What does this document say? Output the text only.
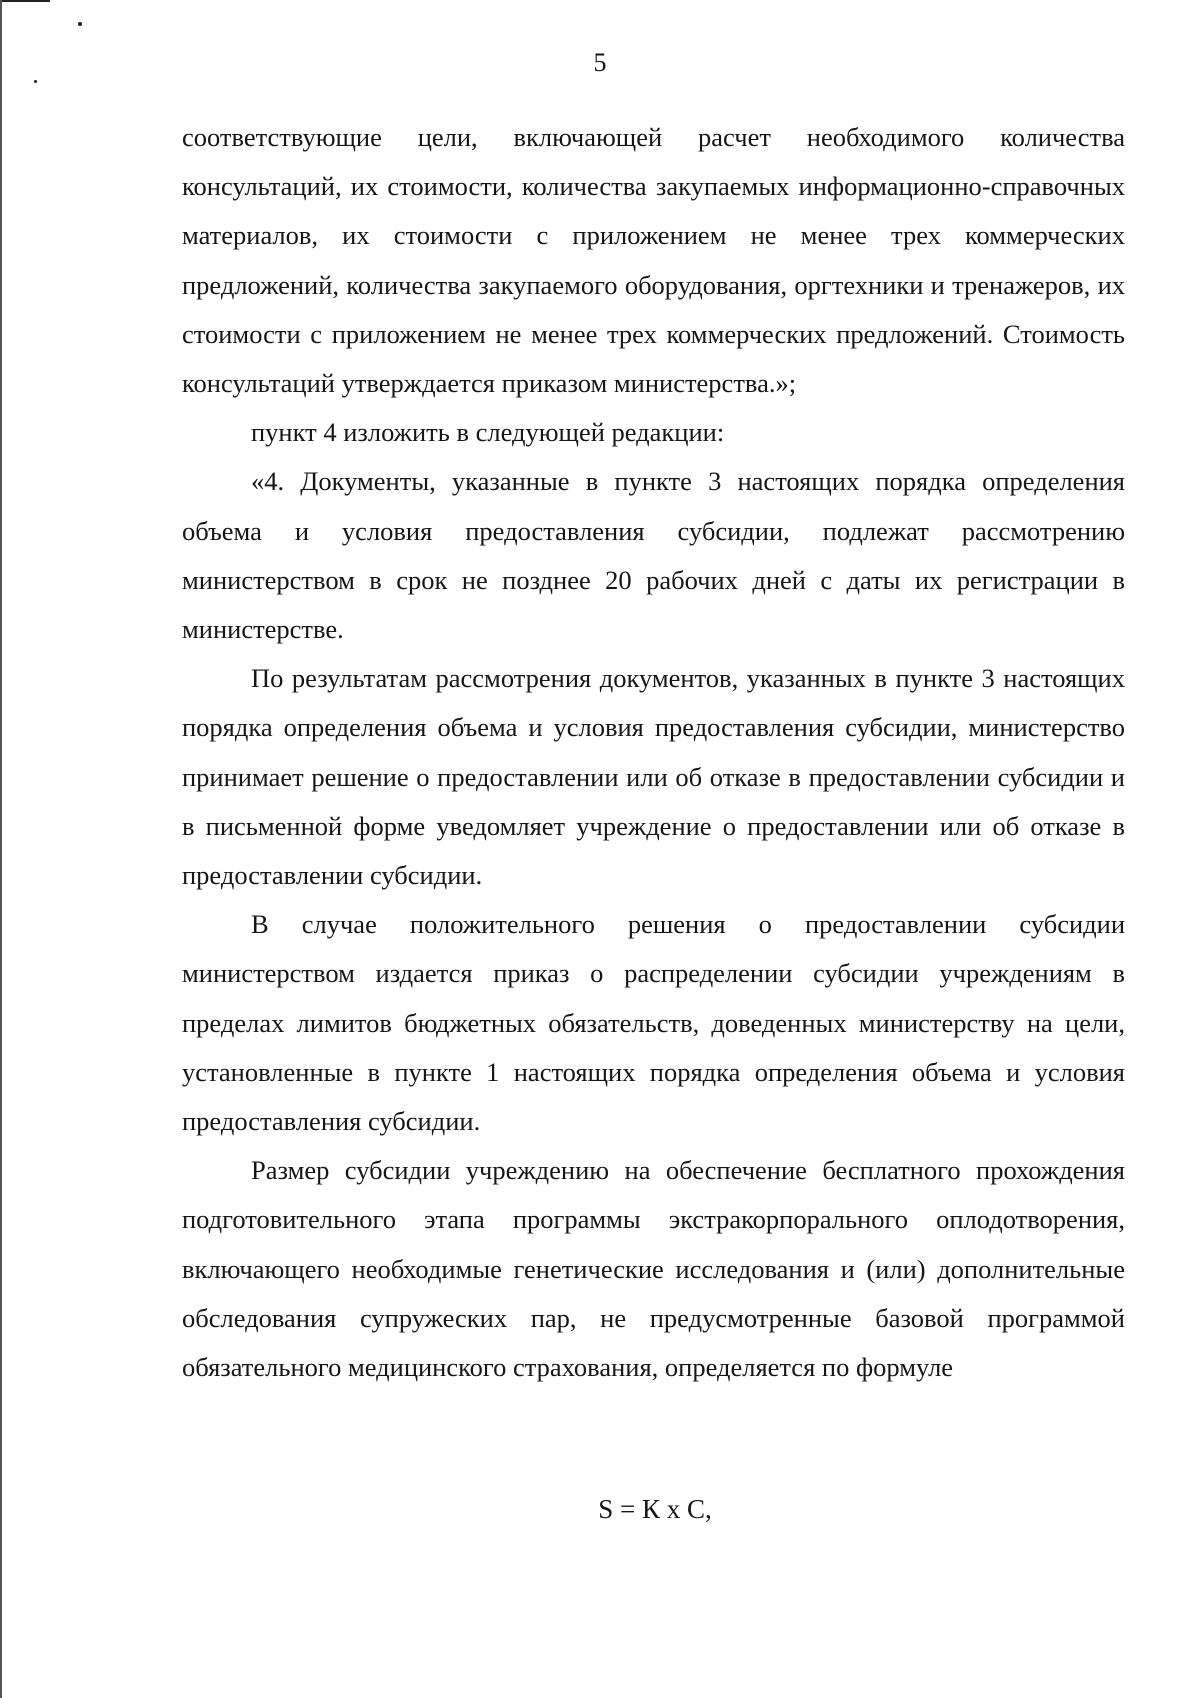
5

соответствующие цели, включающей расчет необходимого количества консультаций, их стоимости, количества закупаемых информационно-справочных материалов, их стоимости с приложением не менее трех коммерческих предложений, количества закупаемого оборудования, оргтехники и тренажеров, их стоимости с приложением не менее трех коммерческих предложений. Стоимость консультаций утверждается приказом министерства.»;

пункт 4 изложить в следующей редакции:

«4. Документы, указанные в пункте 3 настоящих порядка определения объема и условия предоставления субсидии, подлежат рассмотрению министерством в срок не позднее 20 рабочих дней с даты их регистрации в министерстве.

По результатам рассмотрения документов, указанных в пункте 3 настоящих порядка определения объема и условия предоставления субсидии, министерство принимает решение о предоставлении или об отказе в предоставлении субсидии и в письменной форме уведомляет учреждение о предоставлении или об отказе в предоставлении субсидии.

В случае положительного решения о предоставлении субсидии министерством издается приказ о распределении субсидии учреждениям в пределах лимитов бюджетных обязательств, доведенных министерству на цели, установленные в пункте 1 настоящих порядка определения объема и условия предоставления субсидии.

Размер субсидии учреждению на обеспечение бесплатного прохождения подготовительного этапа программы экстракорпорального оплодотворения, включающего необходимые генетические исследования и (или) дополнительные обследования супружеских пар, не предусмотренные базовой программой обязательного медицинского страхования, определяется по формуле

S = К х С,
